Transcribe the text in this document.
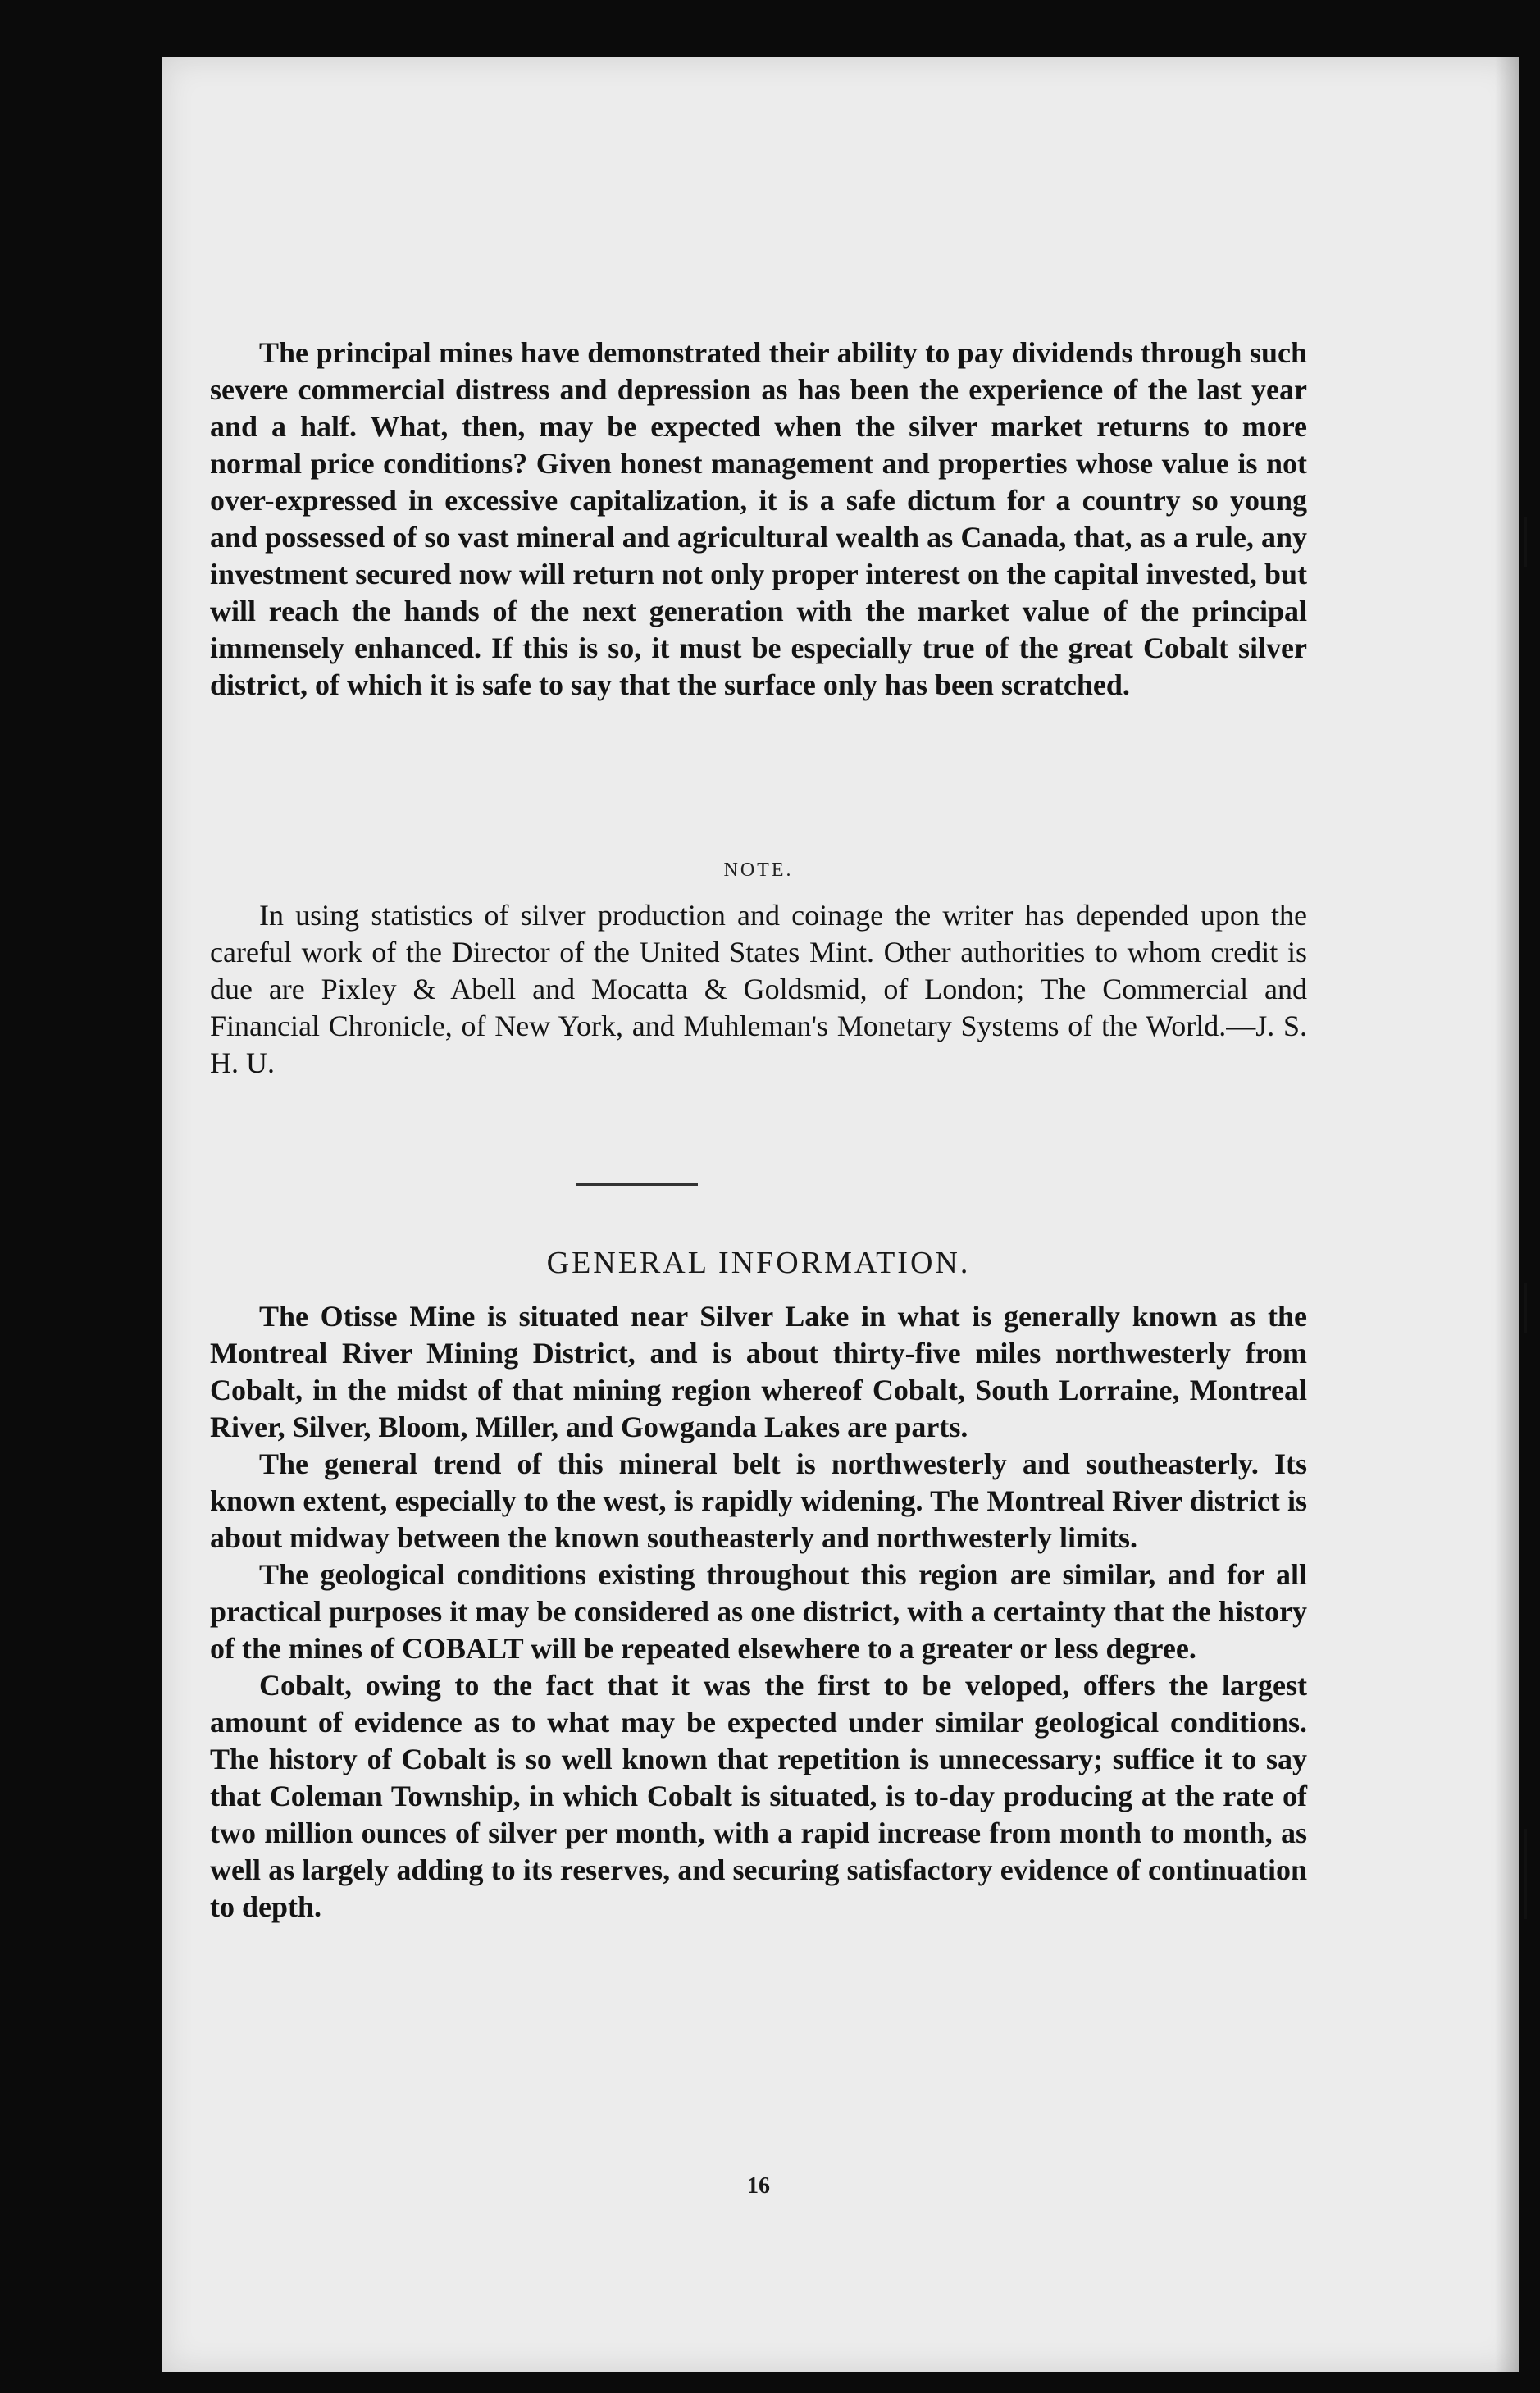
The principal mines have demonstrated their ability to pay dividends through such severe commercial distress and depression as has been the experience of the last year and a half. What, then, may be expected when the silver market returns to more normal price conditions? Given honest management and properties whose value is not over-expressed in excessive capitalization, it is a safe dictum for a country so young and possessed of so vast mineral and agricultural wealth as Canada, that, as a rule, any investment secured now will return not only proper interest on the capital invested, but will reach the hands of the next generation with the market value of the principal immensely enhanced. If this is so, it must be especially true of the great Cobalt silver district, of which it is safe to say that the surface only has been scratched.

NOTE.

In using statistics of silver production and coinage the writer has depended upon the careful work of the Director of the United States Mint. Other authorities to whom credit is due are Pixley & Abell and Mocatta & Goldsmid, of London; The Commercial and Financial Chronicle, of New York, and Muhleman's Monetary Systems of the World.—J. S. H. U.

GENERAL INFORMATION.

The Otisse Mine is situated near Silver Lake in what is generally known as the Montreal River Mining District, and is about thirty-five miles northwesterly from Cobalt, in the midst of that mining region whereof Cobalt, South Lorraine, Montreal River, Silver, Bloom, Miller, and Gowganda Lakes are parts.

The general trend of this mineral belt is northwesterly and southeasterly. Its known extent, especially to the west, is rapidly widening. The Montreal River district is about midway between the known southeasterly and northwesterly limits.

The geological conditions existing throughout this region are similar, and for all practical purposes it may be considered as one district, with a certainty that the history of the mines of COBALT will be repeated elsewhere to a greater or less degree.

Cobalt, owing to the fact that it was the first to be veloped, offers the largest amount of evidence as to what may be expected under similar geological conditions. The history of Cobalt is so well known that repetition is unnecessary; suffice it to say that Coleman Township, in which Cobalt is situated, is to-day producing at the rate of two million ounces of silver per month, with a rapid increase from month to month, as well as largely adding to its reserves, and securing satisfactory evidence of continuation to depth.

16
